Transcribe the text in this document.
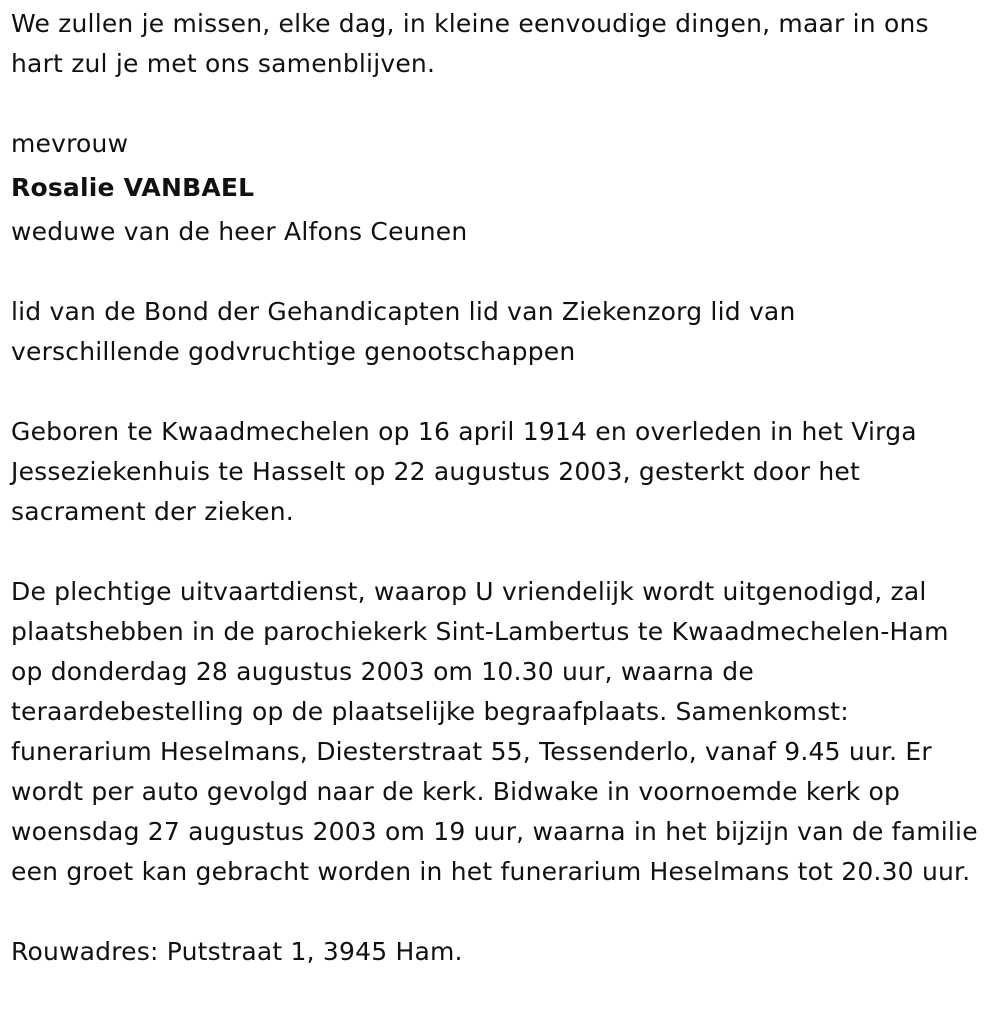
We zullen je missen, elke dag, in kleine eenvoudige dingen, maar in ons hart zul je met ons samenblijven.

mevrouw

Rosalie VANBAEL

weduwe van de heer Alfons Ceunen

lid van de Bond der Gehandicapten lid van Ziekenzorg lid van verschillende godvruchtige genootschappen

Geboren te Kwaadmechelen op 16 april 1914 en overleden in het Virga Jesseziekenhuis te Hasselt op 22 augustus 2003, gesterkt door het sacrament der zieken.

De plechtige uitvaartdienst, waarop U vriendelijk wordt uitgenodigd, zal plaatshebben in de parochiekerk Sint-Lambertus te Kwaadmechelen-Ham op donderdag 28 augustus 2003 om 10.30 uur, waarna de teraardebestelling op de plaatselijke begraafplaats. Samenkomst: funerarium Heselmans, Diesterstraat 55, Tessenderlo, vanaf 9.45 uur. Er wordt per auto gevolgd naar de kerk. Bidwake in voornoemde kerk op woensdag 27 augustus 2003 om 19 uur, waarna in het bijzijn van de familie een groet kan gebracht worden in het funerarium Heselmans tot 20.30 uur.

Rouwadres: Putstraat 1, 3945 Ham.
